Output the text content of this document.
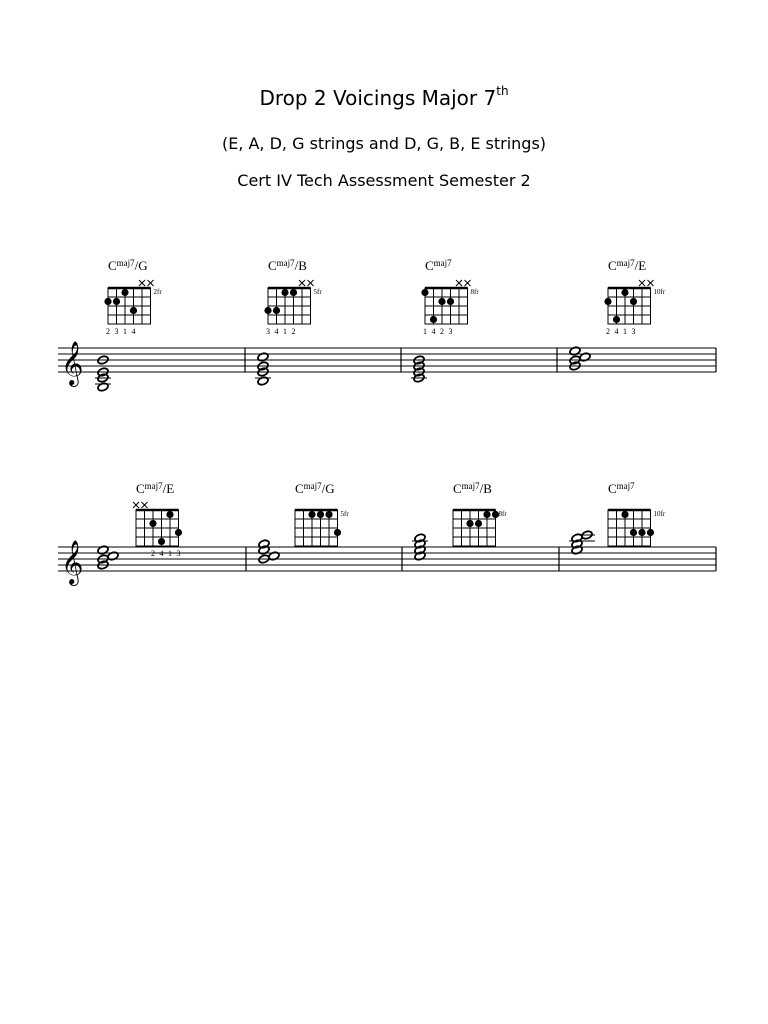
Drop 2 Voicings Major 7th
(E, A, D, G strings and D, G, B, E strings)
Cert IV Tech Assessment Semester 2
𝄞
$C^{maj7}/G$
2fr
2 3 1 4
$C^{maj7}/B$
5fr
3 4 1 2
$C^{maj7}$
8fr
1 4 2 3
$C^{maj7}/E$
10fr
2 4 1 3
𝄞
$C^{maj7}/E$
2 4 1 3
$C^{maj7}/G$
5fr
$C^{maj7}/B$
8fr
$C^{maj7}$
10fr
